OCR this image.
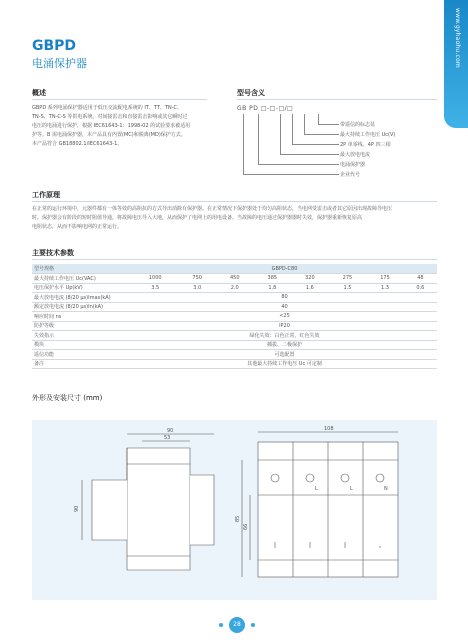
www.gyhaohu.com
GBPD
电涌保护器
概述
GBPD 系列电涌保护器适用于低压交流配电系统的 IT、TT、TN-C、
TN-S、TN-C-S 等供电系统，对间接雷击和直接雷击影响或其它瞬时过
电压的电涌进行保护，根据 IEC61643-1：1998-02 的试验要求被适用
护等。B 需电涌保护器，本产品具有内置(MC)和脱离(MD)保护方式。
本产品符合 GB18802.1/IEC61643-1。
型号含义
GB PD □-□-□/□
带遥信的标志显
最大持续工作电压 Uc(V)
2P 单零线、4P 四三相
最大放电电流
电涌保护器
企业代号
工作原理
在正常的运行环境中，元器件都有一体等效的高阻抗的方式导出消除有保护器。在正常情况下保护器处于均匀高阻状态，当电网受雷击或者其它原因出现故障导电压
时，保护器会有阶段的短时阻值导通，将故障电压导入大地，从而保护了电网上的用电设备。当故障的电压通过保护器器时失效，保护器重新恢复原高
电阻状态，从而不影响电网的正常运行。
主要技术参数
型号规格	GBPD-C80							
最大持续工作电压 Uc(VAC)	1000	750	450	385	320	275	175	48
电压保护水平 Up(kV)	3.5	3.0	2.0	1.8	1.6	1.5	1.3	0.6
最大放电电流 (8/20 μs)Imax(kA)	80							
额定放电电流 (8/20 μs)In(kA)	40							
响应时间 ns	<25							
防护等级	IP20							
失效指示	绿化失效：白色正常，红色失效							
模块	插拔、二极保护							
遥信功能	可选配置							
备注	其他最大持续工作电压 Uc 可定制							
外形及安装尺寸 (mm)
90
53
90
108
85
66
L	L	N
28
